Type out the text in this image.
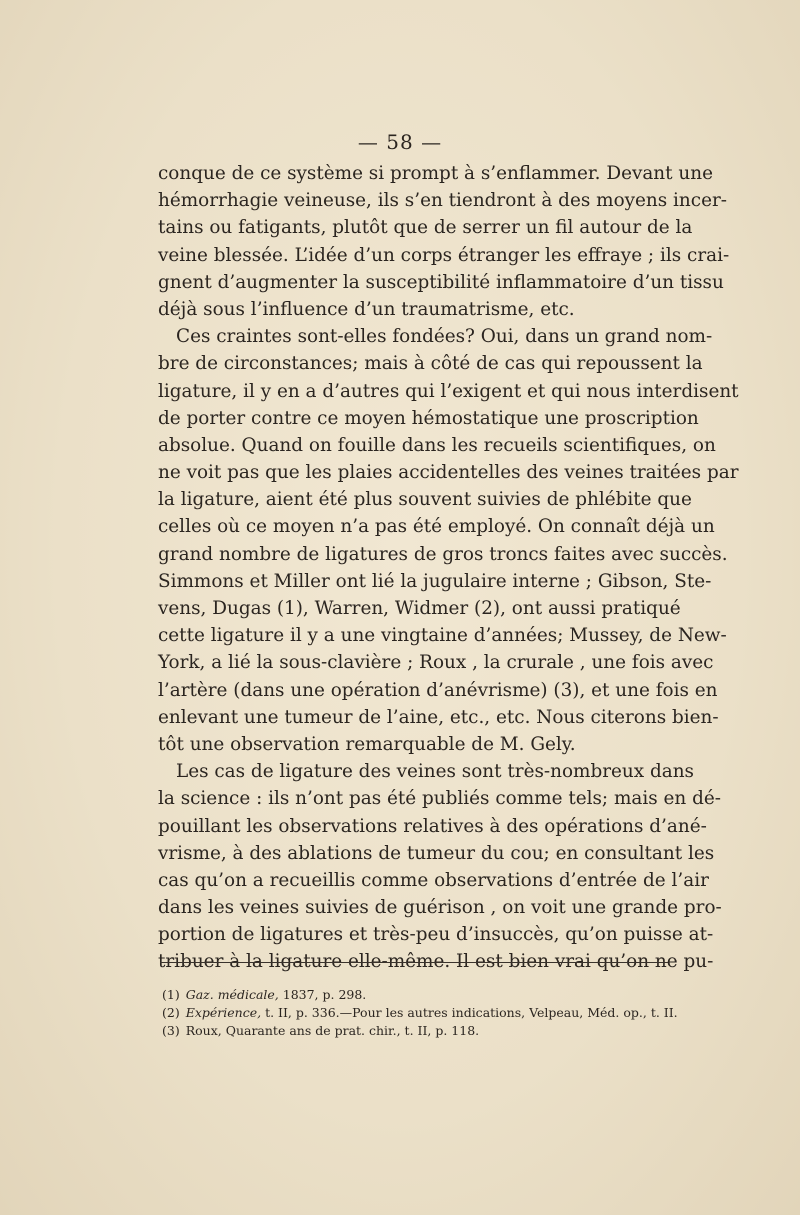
— 58 —
conque de ce système si prompt à s’enflammer. Devant une
hémorrhagie veineuse, ils s’en tiendront à des moyens incer-
tains ou fatigants, plutôt que de serrer un fil autour de la
veine blessée. L’idée d’un corps étranger les effraye ; ils crai-
gnent d’augmenter la susceptibilité inflammatoire d’un tissu
déjà sous l’influence d’un traumatrisme, etc.
Ces craintes sont-elles fondées? Oui, dans un grand nom-
bre de circonstances; mais à côté de cas qui repoussent la
ligature, il y en a d’autres qui l’exigent et qui nous interdisent
de porter contre ce moyen hémostatique une proscription
absolue. Quand on fouille dans les recueils scientifiques, on
ne voit pas que les plaies accidentelles des veines traitées par
la ligature, aient été plus souvent suivies de phlébite que
celles où ce moyen n’a pas été employé. On connaît déjà un
grand nombre de ligatures de gros troncs faites avec succès.
Simmons et Miller ont lié la jugulaire interne ; Gibson, Ste-
vens, Dugas (1), Warren, Widmer (2), ont aussi pratiqué
cette ligature il y a une vingtaine d’années; Mussey, de New-
York, a lié la sous-clavière ; Roux , la crurale , une fois avec
l’artère (dans une opération d’anévrisme) (3), et une fois en
enlevant une tumeur de l’aine, etc., etc. Nous citerons bien-
tôt une observation remarquable de M. Gely.
Les cas de ligature des veines sont très-nombreux dans
la science : ils n’ont pas été publiés comme tels; mais en dé-
pouillant les observations relatives à des opérations d’ané-
vrisme, à des ablations de tumeur du cou; en consultant les
cas qu’on a recueillis comme observations d’entrée de l’air
dans les veines suivies de guérison , on voit une grande pro-
portion de ligatures et très-peu d’insuccès, qu’on puisse at-
tribuer à la ligature elle-même. Il est bien vrai qu’on ne pu-
(1) Gaz. médicale, 1837, p. 298.
(2) Expérience, t. II, p. 336.—Pour les autres indications, Velpeau, Méd. op., t. II.
(3) Roux, Quarante ans de prat. chir., t. II, p. 118.
